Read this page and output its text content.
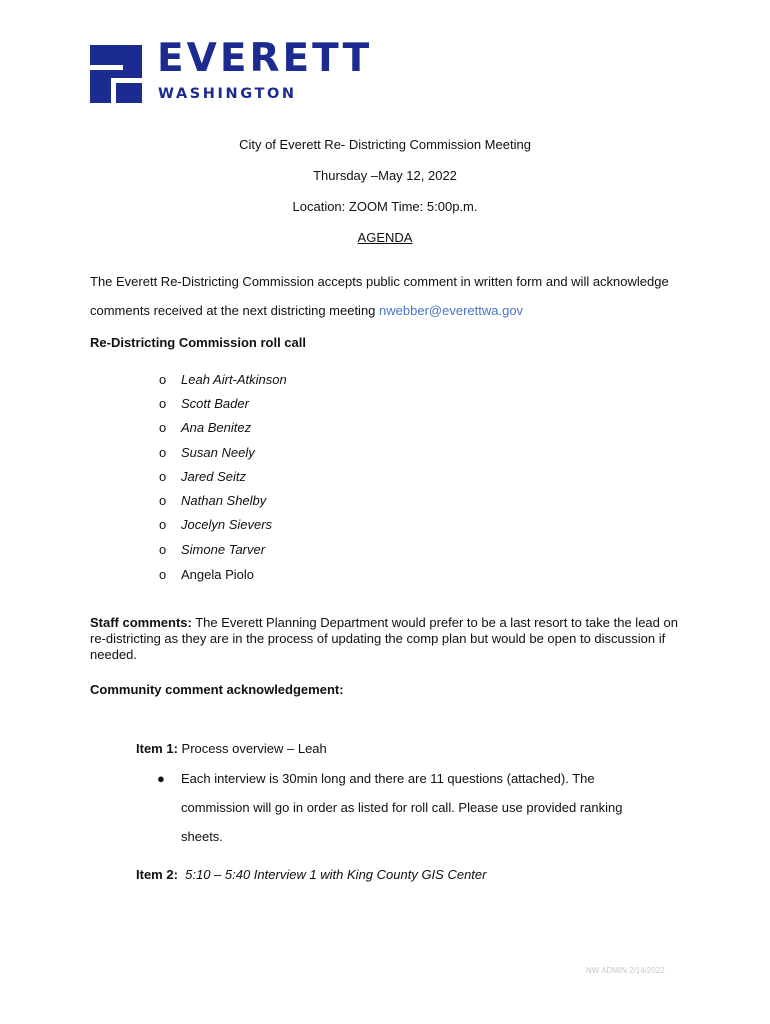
EVERETT
WASHINGTON
City of Everett Re- Districting Commission Meeting
Thursday –May 12, 2022
Location: ZOOM Time: 5:00p.m.
AGENDA
The Everett Re-Districting Commission accepts public comment in written form and will acknowledge comments received at the next districting meeting nwebber@everettwa.gov
Re-Districting Commission roll call
o Leah Airt-Atkinson
o Scott Bader
o Ana Benitez
o Susan Neely
o Jared Seitz
o Nathan Shelby
o Jocelyn Sievers
o Simone Tarver
o Angela Piolo
Staff comments: The Everett Planning Department would prefer to be a last resort to take the lead on re-districting as they are in the process of updating the comp plan but would be open to discussion if needed.
Community comment acknowledgement:
Item 1: Process overview – Leah
● Each interview is 30min long and there are 11 questions (attached). The commission will go in order as listed for roll call. Please use provided ranking sheets.
Item 2: 5:10 – 5:40 Interview 1 with King County GIS Center
NW ADMIN 2/14/2022
